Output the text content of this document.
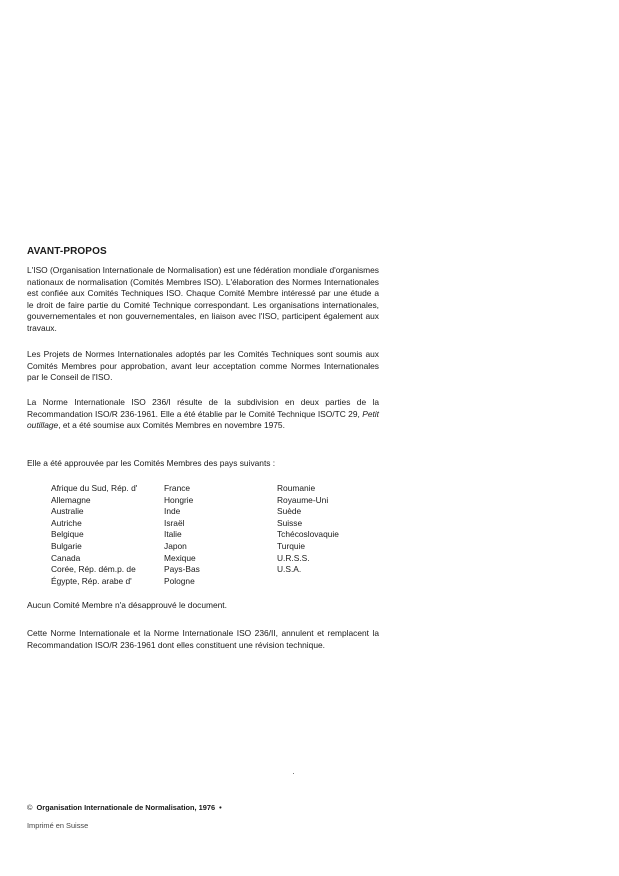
AVANT-PROPOS
L'ISO (Organisation Internationale de Normalisation) est une fédération mondiale d'organismes nationaux de normalisation (Comités Membres ISO). L'élaboration des Normes Internationales est confiée aux Comités Techniques ISO. Chaque Comité Membre intéressé par une étude a le droit de faire partie du Comité Technique correspondant. Les organisations internationales, gouvernementales et non gouvernementales, en liaison avec l'ISO, participent également aux travaux.
Les Projets de Normes Internationales adoptés par les Comités Techniques sont soumis aux Comités Membres pour approbation, avant leur acceptation comme Normes Internationales par le Conseil de l'ISO.
La Norme Internationale ISO 236/I résulte de la subdivision en deux parties de la Recommandation ISO/R 236-1961. Elle a été établie par le Comité Technique ISO/TC 29, Petit outillage, et a été soumise aux Comités Membres en novembre 1975.
Elle a été approuvée par les Comités Membres des pays suivants :
Afrique du Sud, Rép. d'
Allemagne
Australie
Autriche
Belgique
Bulgarie
Canada
Corée, Rép. dém.p. de
Égypte, Rép. arabe d'
France
Hongrie
Inde
Israël
Italie
Japon
Mexique
Pays-Bas
Pologne
Roumanie
Royaume-Uni
Suède
Suisse
Tchécoslovaquie
Turquie
U.R.S.S.
U.S.A.
Aucun Comité Membre n'a désapprouvé le document.
Cette Norme Internationale et la Norme Internationale ISO 236/II, annulent et remplacent la Recommandation ISO/R 236-1961 dont elles constituent une révision technique.
© Organisation Internationale de Normalisation, 1976 •
Imprimé en Suisse
